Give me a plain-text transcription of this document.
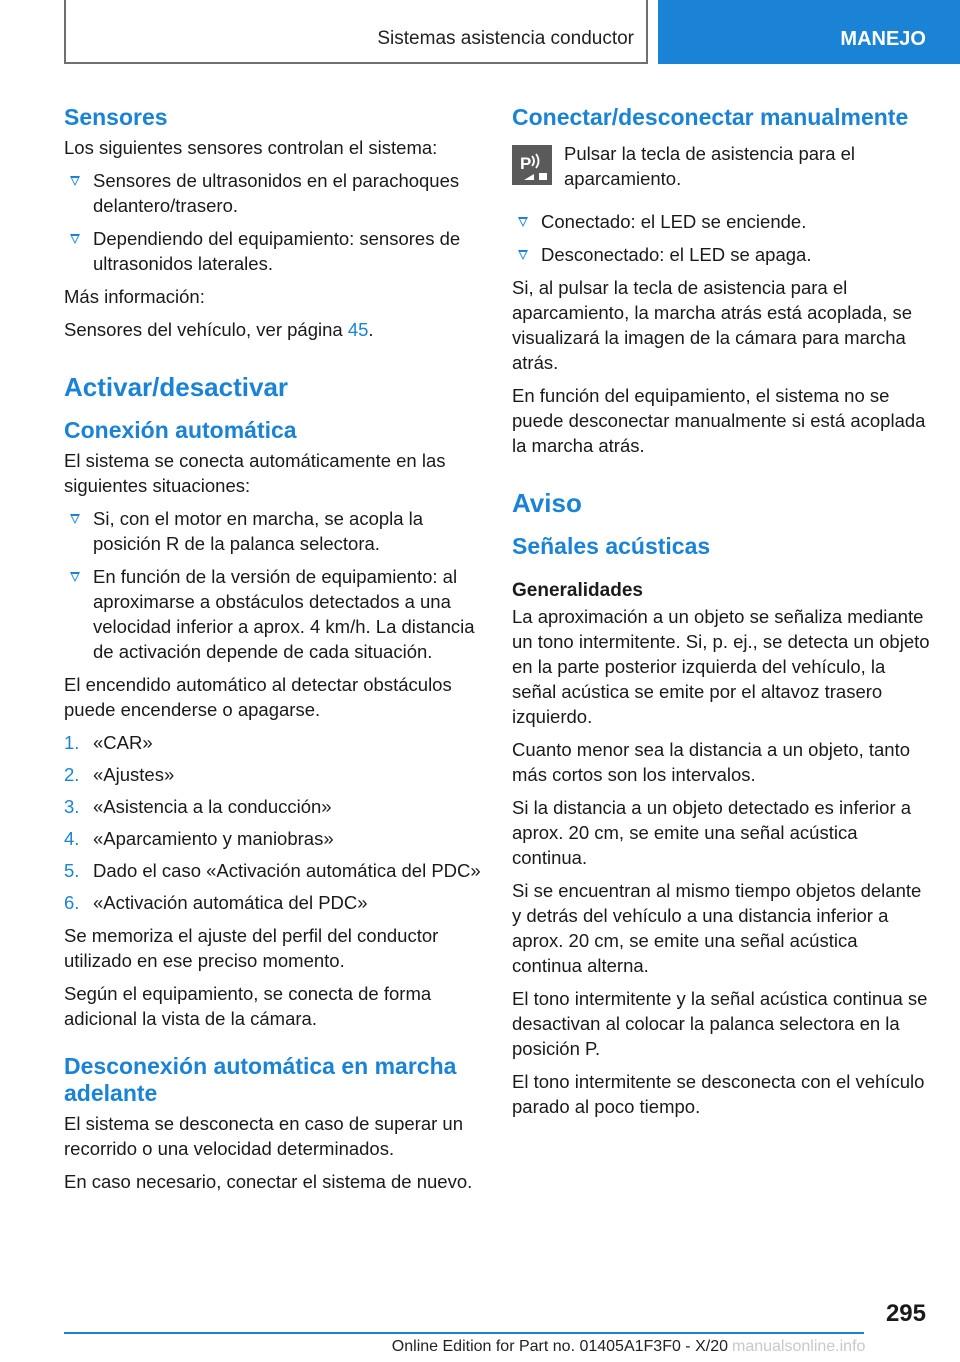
Sistemas asistencia conductor	MANEJO
Sensores

Los siguientes sensores controlan el sistema:

Sensores de ultrasonidos en el parachoques delantero/trasero.
Dependiendo del equipamiento: sensores de ultrasonidos laterales.

Más información:

Sensores del vehículo, ver página 45.

Activar/desactivar
Conexión automática

El sistema se conecta automáticamente en las siguientes situaciones:

Si, con el motor en marcha, se acopla la posición R de la palanca selectora.
En función de la versión de equipamiento: al aproximarse a obstáculos detectados a una velocidad inferior a aprox. 4 km/h. La distancia de activación depende de cada situación.

El encendido automático al detectar obstáculos puede encenderse o apagarse.

1. «CAR»
2. «Ajustes»
3. «Asistencia a la conducción»
4. «Aparcamiento y maniobras»
5. Dado el caso «Activación automática del PDC»
6. «Activación automática del PDC»

Se memoriza el ajuste del perfil del conductor utilizado en ese preciso momento.

Según el equipamiento, se conecta de forma adicional la vista de la cámara.

Desconexión automática en marcha adelante

El sistema se desconecta en caso de superar un recorrido o una velocidad determinados.

En caso necesario, conectar el sistema de nuevo.

Conectar/desconectar manualmente
P Pulsar la tecla de asistencia para el aparcamiento.

Conectado: el LED se enciende.
Desconectado: el LED se apaga.

Si, al pulsar la tecla de asistencia para el aparcamiento, la marcha atrás está acoplada, se visualizará la imagen de la cámara para marcha atrás.

En función del equipamiento, el sistema no se puede desconectar manualmente si está acoplada la marcha atrás.

Aviso
Señales acústicas
Generalidades

La aproximación a un objeto se señaliza mediante un tono intermitente. Si, p. ej., se detecta un objeto en la parte posterior izquierda del vehículo, la señal acústica se emite por el altavoz trasero izquierdo.

Cuanto menor sea la distancia a un objeto, tanto más cortos son los intervalos.

Si la distancia a un objeto detectado es inferior a aprox. 20 cm, se emite una señal acústica continua.

Si se encuentran al mismo tiempo objetos delante y detrás del vehículo a una distancia inferior a aprox. 20 cm, se emite una señal acústica continua alterna.

El tono intermitente y la señal acústica continua se desactivan al colocar la palanca selectora en la posición P.

El tono intermitente se desconecta con el vehículo parado al poco tiempo.

295
Online Edition for Part no. 01405A1F3F0 - X/20 manualsonline.info
